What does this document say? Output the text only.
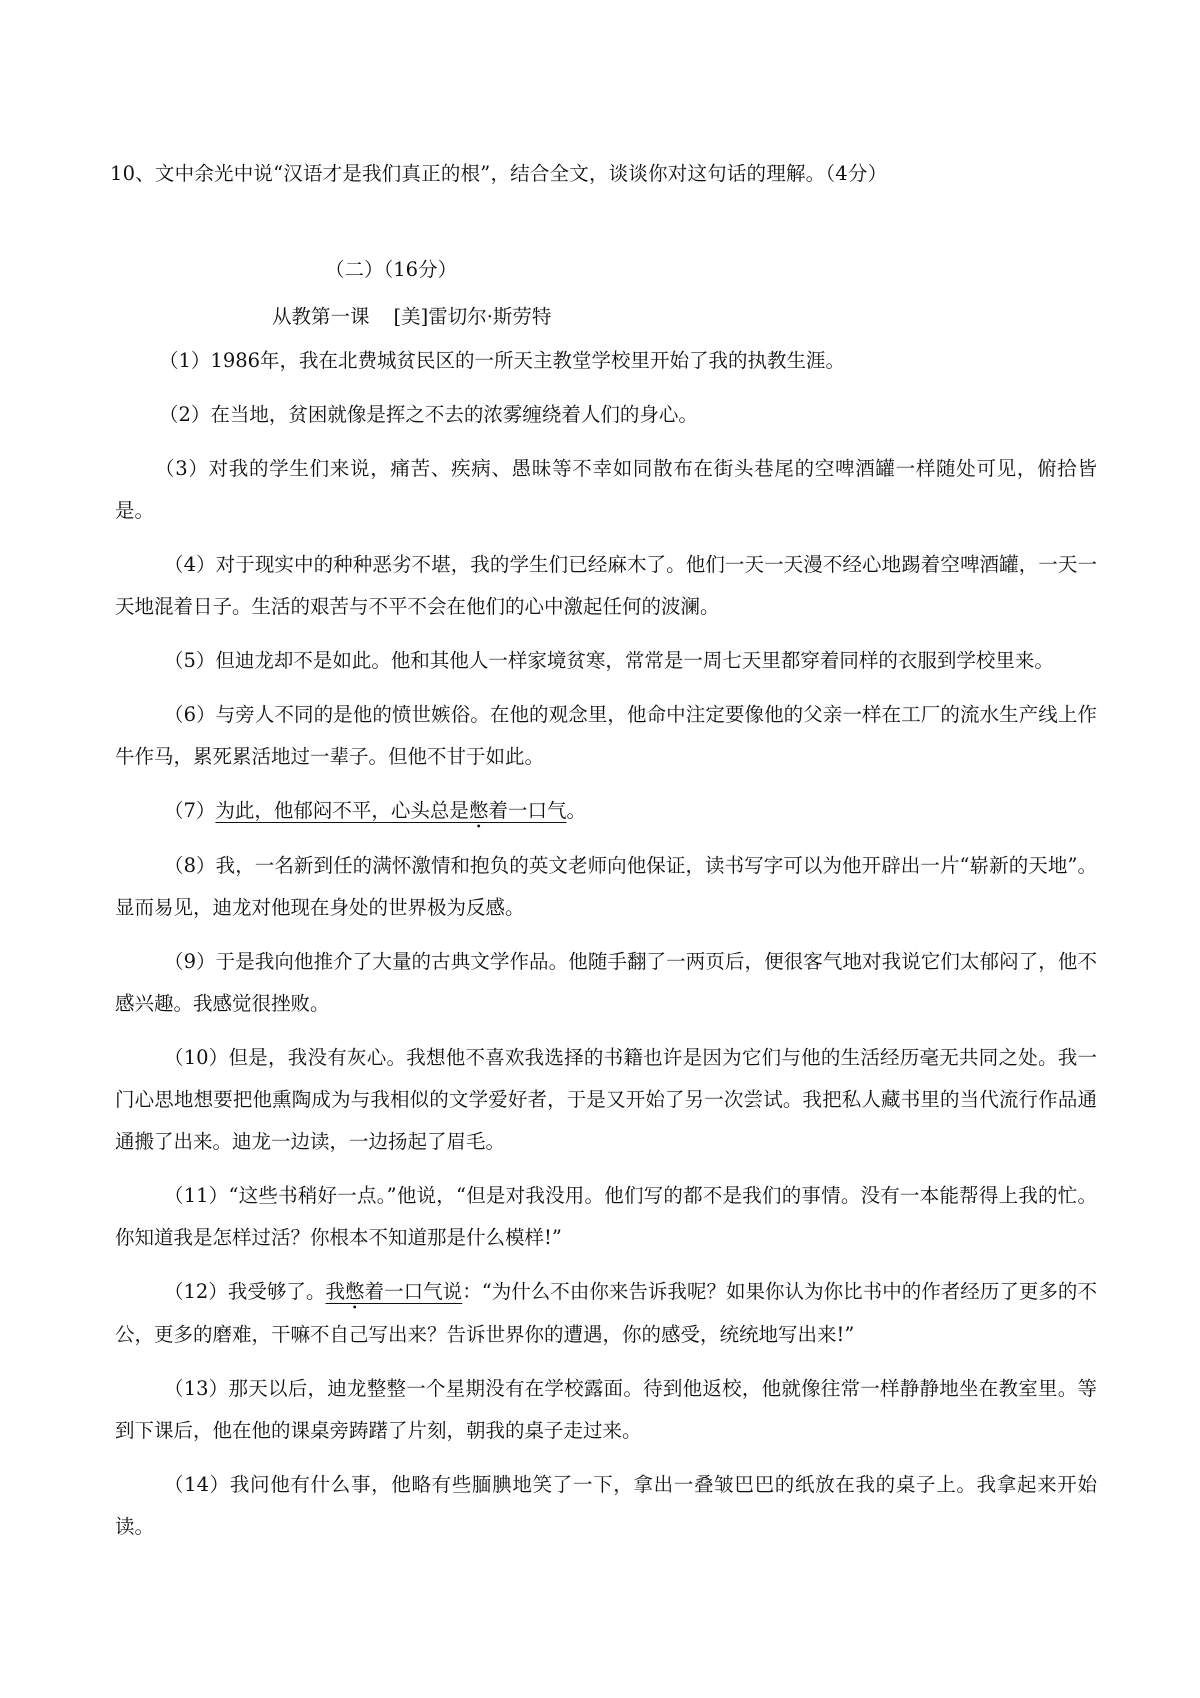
10、文中余光中说“汉语才是我们真正的根”，结合全文，谈谈你对这句话的理解。（4分）
（二）（16分）
从教第一课 [美]雷切尔·斯劳特

（1）1986年，我在北费城贫民区的一所天主教堂学校里开始了我的执教生涯。

（2）在当地，贫困就像是挥之不去的浓雾缠绕着人们的身心。

（3）对我的学生们来说，痛苦、疾病、愚昧等不幸如同散布在街头巷尾的空啤酒罐一样随处可见，俯拾皆是。

（4）对于现实中的种种恶劣不堪，我的学生们已经麻木了。他们一天一天漫不经心地踢着空啤酒罐，一天一天地混着日子。生活的艰苦与不平不会在他们的心中激起任何的波澜。

（5）但迪龙却不是如此。他和其他人一样家境贫寒，常常是一周七天里都穿着同样的衣服到学校里来。

（6）与旁人不同的是他的愤世嫉俗。在他的观念里，他命中注定要像他的父亲一样在工厂的流水生产线上作牛作马，累死累活地过一辈子。但他不甘于如此。

（7）为此，他郁闷不平，心头总是憋着一口气。

（8）我，一名新到任的满怀激情和抱负的英文老师向他保证，读书写字可以为他开辟出一片“崭新的天地”。显而易见，迪龙对他现在身处的世界极为反感。

（9）于是我向他推介了大量的古典文学作品。他随手翻了一两页后，便很客气地对我说它们太郁闷了，他不感兴趣。我感觉很挫败。

（10）但是，我没有灰心。我想他不喜欢我选择的书籍也许是因为它们与他的生活经历毫无共同之处。我一门心思地想要把他熏陶成为与我相似的文学爱好者，于是又开始了另一次尝试。我把私人藏书里的当代流行作品通通搬了出来。迪龙一边读，一边扬起了眉毛。

（11）“这些书稍好一点。”他说，“但是对我没用。他们写的都不是我们的事情。没有一本能帮得上我的忙。你知道我是怎样过活？你根本不知道那是什么模样!”

（12）我受够了。我憋着一口气说：“为什么不由你来告诉我呢？如果你认为你比书中的作者经历了更多的不公，更多的磨难，干嘛不自己写出来？告诉世界你的遭遇，你的感受，统统地写出来!”

（13）那天以后，迪龙整整一个星期没有在学校露面。待到他返校，他就像往常一样静静地坐在教室里。等到下课后，他在他的课桌旁踌躇了片刻，朝我的桌子走过来。

（14）我问他有什么事，他略有些腼腆地笑了一下，拿出一叠皱巴巴的纸放在我的桌子上。我拿起来开始读。
